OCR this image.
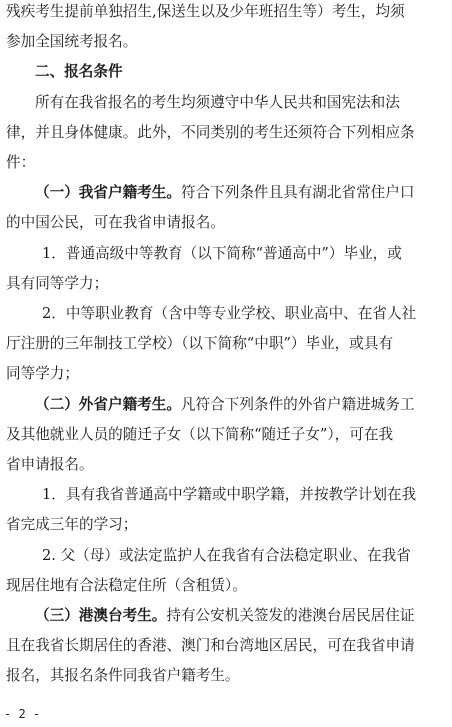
残疾考生提前单独招生,保送生以及少年班招生等）考生，均须
参加全国统考报名。
二、报名条件
所有在我省报名的考生均须遵守中华人民共和国宪法和法
律，并且身体健康。此外，不同类别的考生还须符合下列相应条
件：
（一）我省户籍考生。符合下列条件且具有湖北省常住户口
的中国公民，可在我省申请报名。
1．普通高级中等教育（以下简称“普通高中”）毕业，或
具有同等学力；
2．中等职业教育（含中等专业学校、职业高中、在省人社
厅注册的三年制技工学校）（以下简称“中职”）毕业，或具有
同等学力；
（二）外省户籍考生。凡符合下列条件的外省户籍进城务工
及其他就业人员的随迁子女（以下简称“随迁子女”），可在我
省申请报名。
1．具有我省普通高中学籍或中职学籍，并按教学计划在我
省完成三年的学习；
2. 父（母）或法定监护人在我省有合法稳定职业、在我省
现居住地有合法稳定住所（含租赁）。
（三）港澳台考生。持有公安机关签发的港澳台居民居住证
且在我省长期居住的香港、澳门和台湾地区居民，可在我省申请
- 2 -
报名，其报名条件同我省户籍考生。
